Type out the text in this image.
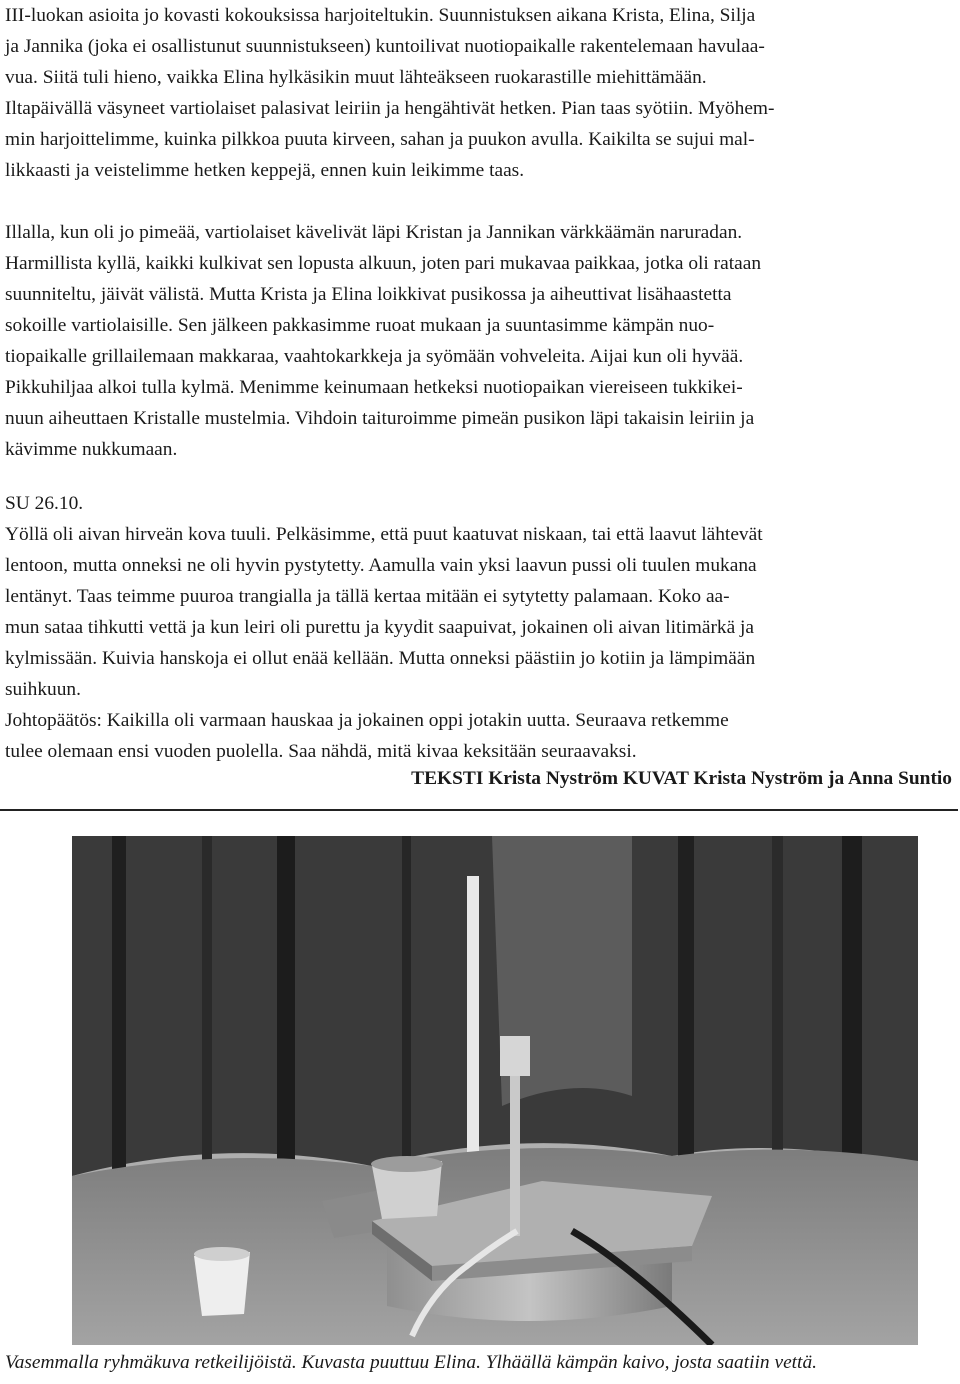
III-luokan asioita jo kovasti kokouksissa harjoiteltukin. Suunnistuksen aikana Krista, Elina, Silja
ja Jannika (joka ei osallistunut suunnistukseen) kuntoilivat nuotiopaikalle rakentelemaan havulaa-
vua. Siitä tuli hieno, vaikka Elina hylkäsikin muut lähteäkseen ruokarastille miehittämään.
Iltapäivällä väsyneet vartiolaiset palasivat leiriin ja hengähtivät hetken. Pian taas syötiin. Myöhem-
min harjoittelimme, kuinka pilkkoa puuta kirveen, sahan ja puukon avulla. Kaikilta se sujui mal-
likkaasti ja veistelimme hetken keppejä, ennen kuin leikimme taas.
Illalla, kun oli jo pimeää, vartiolaiset kävelivät läpi Kristan ja Jannikan värkkäämän naruradan.
Harmillista kyllä, kaikki kulkivat sen lopusta alkuun, joten pari mukavaa paikkaa, jotka oli rataan
suunniteltu, jäivät välistä. Mutta Krista ja Elina loikkivat pusikossa ja aiheuttivat lisähaastetta
sokoille vartiolaisille. Sen jälkeen pakkasimme ruoat mukaan ja suuntasimme kämpän nuo-
tiopaikalle grillailemaan makkaraa, vaahtokarkkeja ja syömään vohveleita. Aijai kun oli hyvää.
Pikkuhiljaa alkoi tulla kylmä. Menimme keinumaan hetkeksi nuotiopaikan viereiseen tukkikei-
nuun aiheuttaen Kristalle mustelmia. Vihdoin taituroimme pimeän pusikon läpi takaisin leiriin ja
kävimme nukkumaan.
SU 26.10.
Yöllä oli aivan hirveän kova tuuli. Pelkäsimme, että puut kaatuvat niskaan, tai että laavut lähtevät
lentoon, mutta onneksi ne oli hyvin pystytetty. Aamulla vain yksi laavun pussi oli tuulen mukana
lentänyt. Taas teimme puuroa trangialla ja tällä kertaa mitään ei sytytetty palamaan. Koko aa-
mun sataa tihkutti vettä ja kun leiri oli purettu ja kyydit saapuivat, jokainen oli aivan litimärkä ja
kylmissään. Kuivia hanskoja ei ollut enää kellään. Mutta onneksi päästiin jo kotiin ja lämpimään
suihkuun.
Johtopäätös: Kaikilla oli varmaan hauskaa ja jokainen oppi jotakin uutta. Seuraava retkemme
tulee olemaan ensi vuoden puolella. Saa nähdä, mitä kivaa keksitään seuraavaksi.
TEKSTI Krista Nyström KUVAT Krista Nyström ja Anna Suntio
Vasemmalla ryhmäkuva retkeilijöistä. Kuvasta puuttuu Elina. Ylhäällä kämpän kaivo, josta saatiin vettä.
